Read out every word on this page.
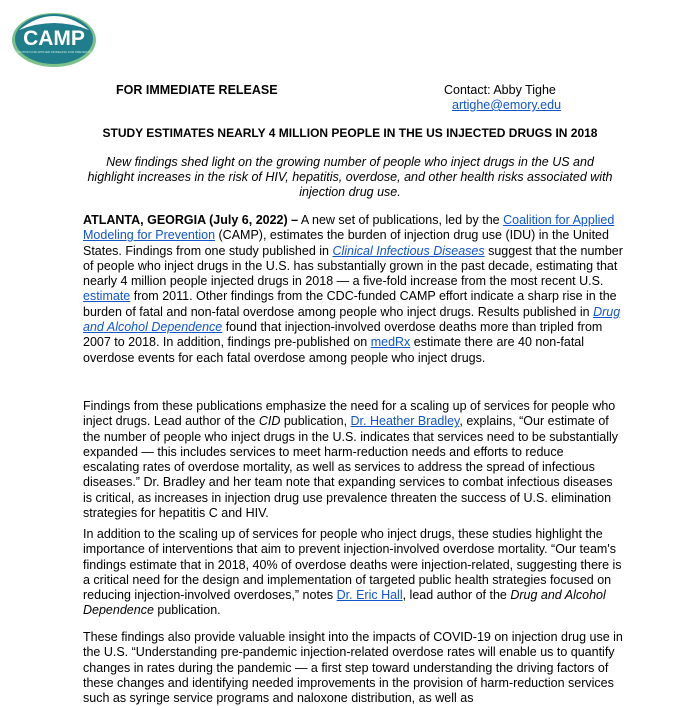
CAMP
COALITION FOR APPLIED MODELING FOR PREVENTION
FOR IMMEDIATE RELEASE	Contact: Abby Tighe
artighe@emory.edu
STUDY ESTIMATES NEARLY 4 MILLION PEOPLE IN THE US INJECTED DRUGS IN 2018
New findings shed light on the growing number of people who inject drugs in the US and highlight increases in the risk of HIV, hepatitis, overdose, and other health risks associated with injection drug use.
ATLANTA, GEORGIA (July 6, 2022) – A new set of publications, led by the Coalition for Applied Modeling for Prevention (CAMP), estimates the burden of injection drug use (IDU) in the United States. Findings from one study published in Clinical Infectious Diseases suggest that the number of people who inject drugs in the U.S. has substantially grown in the past decade, estimating that nearly 4 million people injected drugs in 2018 — a five-fold increase from the most recent U.S. estimate from 2011. Other findings from the CDC-funded CAMP effort indicate a sharp rise in the burden of fatal and non-fatal overdose among people who inject drugs. Results published in Drug and Alcohol Dependence found that injection-involved overdose deaths more than tripled from 2007 to 2018. In addition, findings pre-published on medRx estimate there are 40 non-fatal overdose events for each fatal overdose among people who inject drugs.
Findings from these publications emphasize the need for a scaling up of services for people who inject drugs. Lead author of the CID publication, Dr. Heather Bradley, explains, “Our estimate of the number of people who inject drugs in the U.S. indicates that services need to be substantially expanded — this includes services to meet harm-reduction needs and efforts to reduce escalating rates of overdose mortality, as well as services to address the spread of infectious diseases.” Dr. Bradley and her team note that expanding services to combat infectious diseases is critical, as increases in injection drug use prevalence threaten the success of U.S. elimination strategies for hepatitis C and HIV.
In addition to the scaling up of services for people who inject drugs, these studies highlight the importance of interventions that aim to prevent injection-involved overdose mortality. “Our team's findings estimate that in 2018, 40% of overdose deaths were injection-related, suggesting there is a critical need for the design and implementation of targeted public health strategies focused on reducing injection-involved overdoses,” notes Dr. Eric Hall, lead author of the Drug and Alcohol Dependence publication.
These findings also provide valuable insight into the impacts of COVID-19 on injection drug use in the U.S. “Understanding pre-pandemic injection-related overdose rates will enable us to quantify changes in rates during the pandemic — a first step toward understanding the driving factors of these changes and identifying needed improvements in the provision of harm-reduction services such as syringe service programs and naloxone distribution, as well as
